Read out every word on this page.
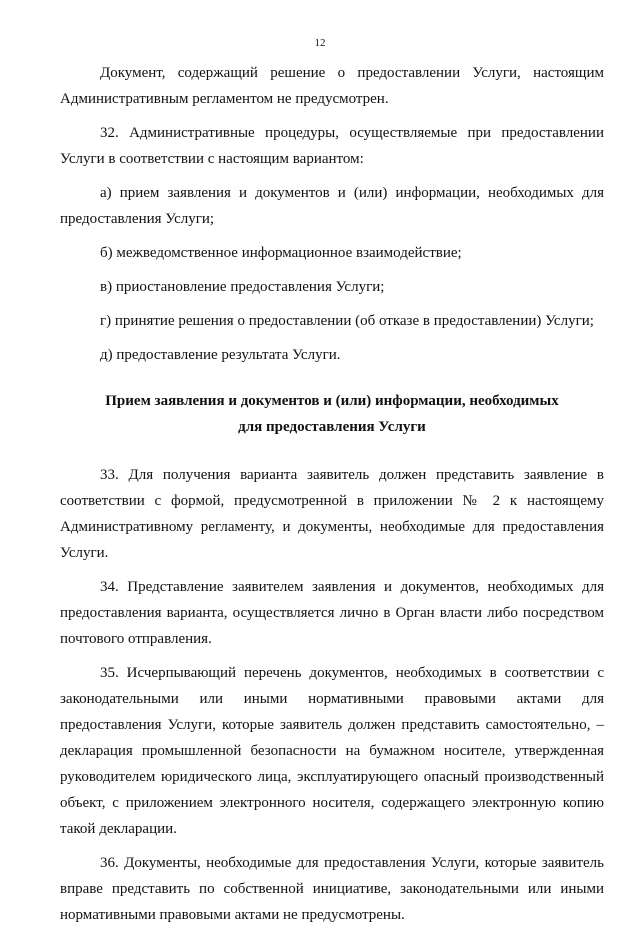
12

Документ, содержащий решение о предоставлении Услуги, настоящим Административным регламентом не предусмотрен.

32. Административные процедуры, осуществляемые при предоставлении Услуги в соответствии с настоящим вариантом:

а) прием заявления и документов и (или) информации, необходимых для предоставления Услуги;

б) межведомственное информационное взаимодействие;

в) приостановление предоставления Услуги;

г) принятие решения о предоставлении (об отказе в предоставлении) Услуги;

д) предоставление результата Услуги.

Прием заявления и документов и (или) информации, необходимых
для предоставления Услуги

33. Для получения варианта заявитель должен представить заявление в соответствии с формой, предусмотренной в приложении № 2 к настоящему Административному регламенту, и документы, необходимые для предоставления Услуги.

34. Представление заявителем заявления и документов, необходимых для предоставления варианта, осуществляется лично в Орган власти либо посредством почтового отправления.

35. Исчерпывающий перечень документов, необходимых в соответствии с законодательными или иными нормативными правовыми актами для предоставления Услуги, которые заявитель должен представить самостоятельно, – декларация промышленной безопасности на бумажном носителе, утвержденная руководителем юридического лица, эксплуатирующего опасный производственный объект, с приложением электронного носителя, содержащего электронную копию такой декларации.

36. Документы, необходимые для предоставления Услуги, которые заявитель вправе представить по собственной инициативе, законодательными или иными нормативными правовыми актами не предусмотрены.
